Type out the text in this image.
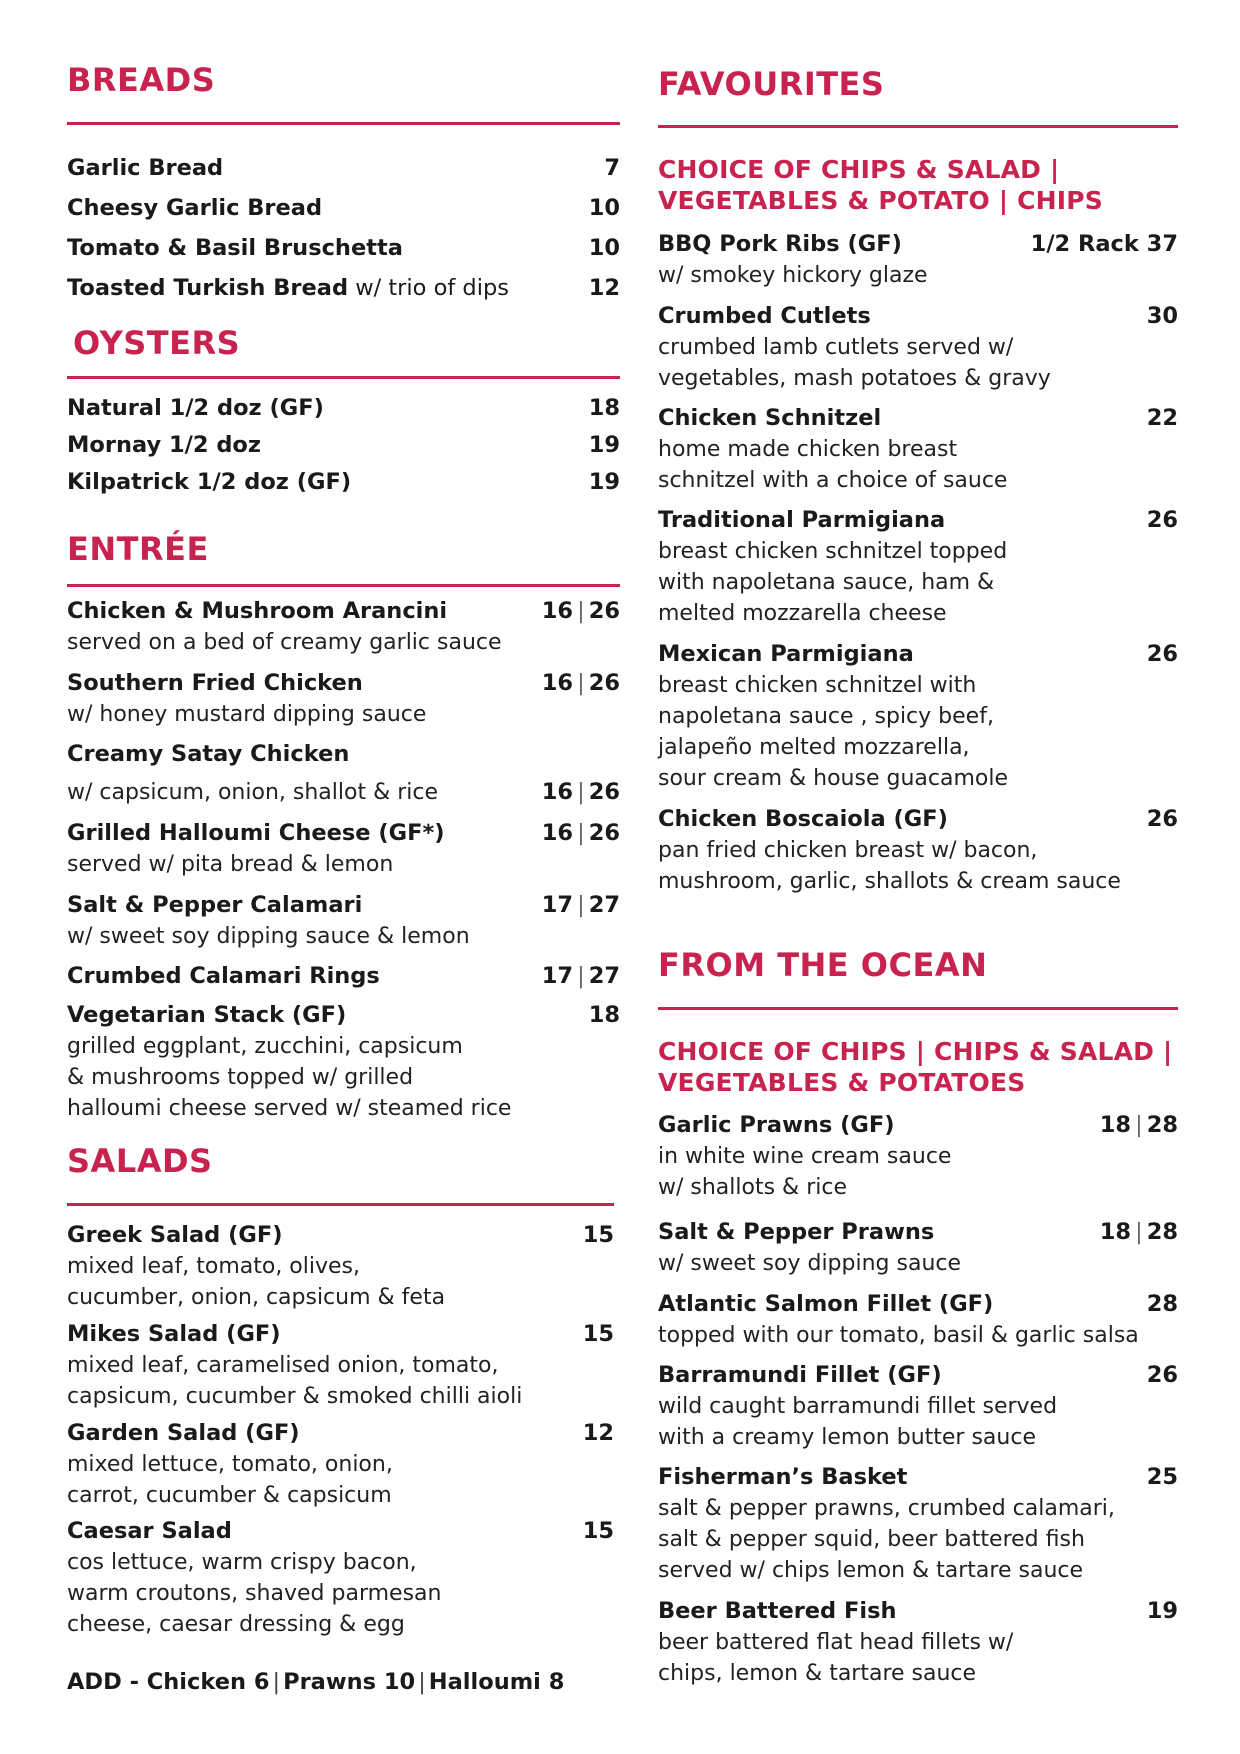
BREADS
Garlic Bread	7
Cheesy Garlic Bread	10
Tomato & Basil Bruschetta	10
Toasted Turkish Bread w/ trio of dips	12
OYSTERS
Natural 1/2 doz (GF)	18
Mornay 1/2 doz	19
Kilpatrick 1/2 doz (GF)	19
ENTRÉE
Chicken & Mushroom Arancini	16 | 26
served on a bed of creamy garlic sauce
Southern Fried Chicken	16 | 26
w/ honey mustard dipping sauce
Creamy Satay Chicken
w/ capsicum, onion, shallot & rice	16 | 26
Grilled Halloumi Cheese (GF*)	16 | 26
served w/ pita bread & lemon
Salt & Pepper Calamari	17 | 27
w/ sweet soy dipping sauce & lemon
Crumbed Calamari Rings	17 | 27
Vegetarian Stack (GF)	18
grilled eggplant, zucchini, capsicum
& mushrooms topped w/ grilled
halloumi cheese served w/ steamed rice
SALADS
Greek Salad (GF)	15
mixed leaf, tomato, olives,
cucumber, onion, capsicum & feta
Mikes Salad (GF)	15
mixed leaf, caramelised onion, tomato,
capsicum, cucumber & smoked chilli aioli
Garden Salad (GF)	12
mixed lettuce, tomato, onion,
carrot, cucumber & capsicum
Caesar Salad	15
cos lettuce, warm crispy bacon,
warm croutons, shaved parmesan
cheese, caesar dressing & egg
ADD - Chicken 6 | Prawns 10 | Halloumi 8
FAVOURITES
CHOICE OF CHIPS & SALAD |
VEGETABLES & POTATO | CHIPS
BBQ Pork Ribs (GF)	1/2 Rack 37
w/ smokey hickory glaze
Crumbed Cutlets	30
crumbed lamb cutlets served w/
vegetables, mash potatoes & gravy
Chicken Schnitzel	22
home made chicken breast
schnitzel with a choice of sauce
Traditional Parmigiana	26
breast chicken schnitzel topped
with napoletana sauce, ham &
melted mozzarella cheese
Mexican Parmigiana	26
breast chicken schnitzel with
napoletana sauce , spicy beef,
jalapeño melted mozzarella,
sour cream & house guacamole
Chicken Boscaiola (GF)	26
pan fried chicken breast w/ bacon,
mushroom, garlic, shallots & cream sauce
FROM THE OCEAN
CHOICE OF CHIPS | CHIPS & SALAD |
VEGETABLES & POTATOES
Garlic Prawns (GF)	18 | 28
in white wine cream sauce
w/ shallots & rice
Salt & Pepper Prawns	18 | 28
w/ sweet soy dipping sauce
Atlantic Salmon Fillet (GF)	28
topped with our tomato, basil & garlic salsa
Barramundi Fillet (GF)	26
wild caught barramundi fillet served
with a creamy lemon butter sauce
Fisherman’s Basket	25
salt & pepper prawns, crumbed calamari,
salt & pepper squid, beer battered fish
served w/ chips lemon & tartare sauce
Beer Battered Fish	19
beer battered flat head fillets w/
chips, lemon & tartare sauce
